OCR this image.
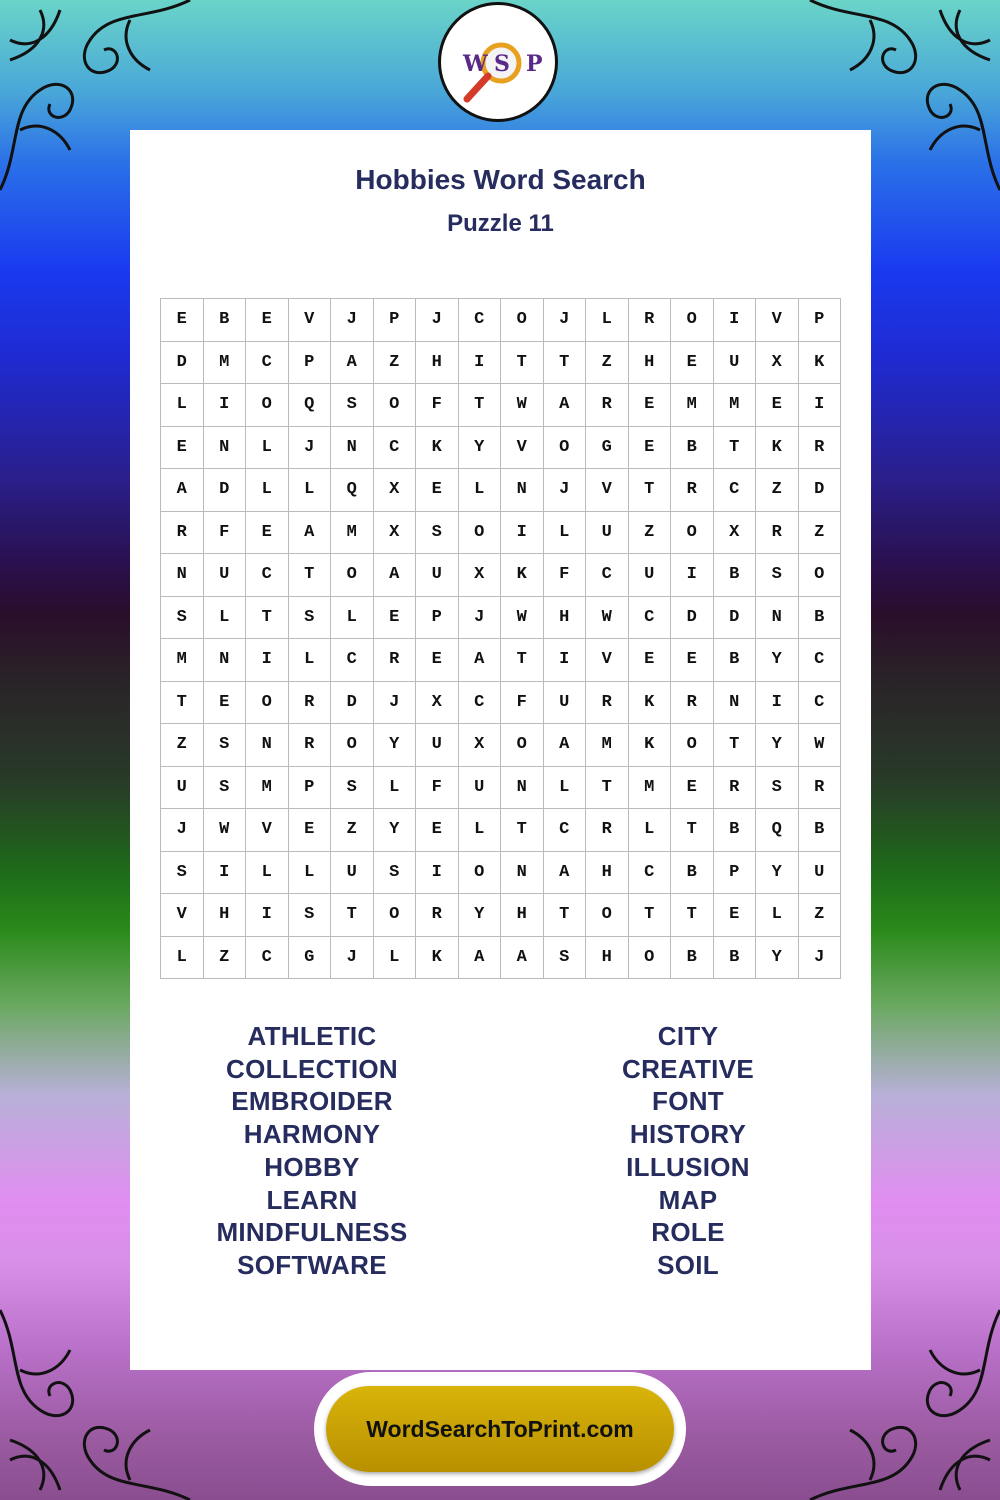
W S P
Hobbies Word Search
Puzzle 11
E	B	E	V	J	P	J	C	O	J	L	R	O	I	V	P
D	M	C	P	A	Z	H	I	T	T	Z	H	E	U	X	K
L	I	O	Q	S	O	F	T	W	A	R	E	M	M	E	I
E	N	L	J	N	C	K	Y	V	O	G	E	B	T	K	R
A	D	L	L	Q	X	E	L	N	J	V	T	R	C	Z	D
R	F	E	A	M	X	S	O	I	L	U	Z	O	X	R	Z
N	U	C	T	O	A	U	X	K	F	C	U	I	B	S	O
S	L	T	S	L	E	P	J	W	H	W	C	D	D	N	B
M	N	I	L	C	R	E	A	T	I	V	E	E	B	Y	C
T	E	O	R	D	J	X	C	F	U	R	K	R	N	I	C
Z	S	N	R	O	Y	U	X	O	A	M	K	O	T	Y	W
U	S	M	P	S	L	F	U	N	L	T	M	E	R	S	R
J	W	V	E	Z	Y	E	L	T	C	R	L	T	B	Q	B
S	I	L	L	U	S	I	O	N	A	H	C	B	P	Y	U
V	H	I	S	T	O	R	Y	H	T	O	T	T	E	L	Z
L	Z	C	G	J	L	K	A	A	S	H	O	B	B	Y	J
ATHLETIC
COLLECTION
EMBROIDER
HARMONY
HOBBY
LEARN
MINDFULNESS
SOFTWARE
CITY
CREATIVE
FONT
HISTORY
ILLUSION
MAP
ROLE
SOIL
WordSearchToPrint.com
